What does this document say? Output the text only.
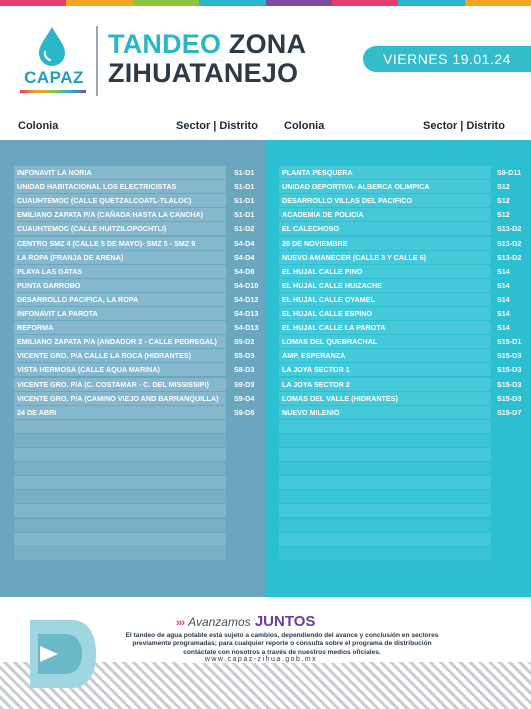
CAPAZ
TANDEO ZONA
ZIHUATANEJO	VIERNES 19.01.24
Colonia	Sector | Distrito Colonia	Sector | Distrito
INFONAVIT LA NORIA	S1-D1
UNIDAD HABITACIONAL LOS ELECTRICISTAS	S1-D1
CUAUHTEMOC (CALLE QUETZALCOATL-TLALOC)	S1-D1
EMILIANO ZAPATA P/A (CAÑADA HASTA LA CANCHA)	S1-D1
CUAUHTEMOC (CALLE HUITZILOPOCHTLI)	S1-D2
CENTRO SMZ 4 (CALLE 5 DE MAYO)- SMZ 5 - SMZ 9	S4-D4
LA ROPA (FRANJA DE ARENA)	S4-D4
PLAYA LAS GATAS	S4-D9
PUNTA GARROBO	S4-D10
DESARROLLO PACIFICA, LA ROPA	S4-D12
INFONAVIT LA PAROTA	S4-D13
REFORMA	S4-D13
EMILIANO ZAPATA P/A (ANDADOR 2 - CALLE PEDREGAL) S5-D2
VICENTE GRO. P/A CALLE LA ROCA (HIDRANTES)	S5-D3
VISTA HERMOSA (CALLE AQUA MARINA)	S8-D3
VICENTE GRO. P/A (C. COSTAMAR - C. DEL MISSISSIPI)	S9-D3
VICENTE GRO. P/A (CAMINO VIEJO AND BARRANQUILLA) S9-D4
24 DE ABRI	S9-D8
PLANTA PESQUERA	S9-D11
UNIDAD DEPORTIVA- ALBERCA OLIMPICA	S12
DESARROLLO VILLAS DEL PACIFICO	S12
ACADEMIA DE POLICIA	S12
EL CALECHOSO	S13-D2
20 DE NOVIEMBRE	S13-D2
NUEVO AMANECER (CALLE 3 Y CALLE 6)	S13-D2
EL HUJAL CALLE PINO	S14
EL HUJAL CALLE HUIZACHE	S14
EL HUJAL CALLE OYAMEL	S14
EL HUJAL CALLE ESPINO	S14
EL HUJAL CALLE LA PAROTA	S14
LOMAS DEL QUEBRACHAL	S15-D1
AMP. ESPERANZA	S15-D3
LA JOYA SECTOR 1	S15-D3
LA JOYA SECTOR 2	S15-D3
LOMAS DEL VALLE (HIDRANTES)	S15-D3
NUEVO MILENIO	S15-D7
››› Avanzamos JUNTOS
El tandeo de agua potable está sujeto a cambios, dependiendo del avance y conclusión en sectores previamente programadas; para cualquier reporte o consulta sobre el programa de distribución contáctate con nosotros a través de nuestros medios oficiales.
www.capaz-zihua.gob.mx
